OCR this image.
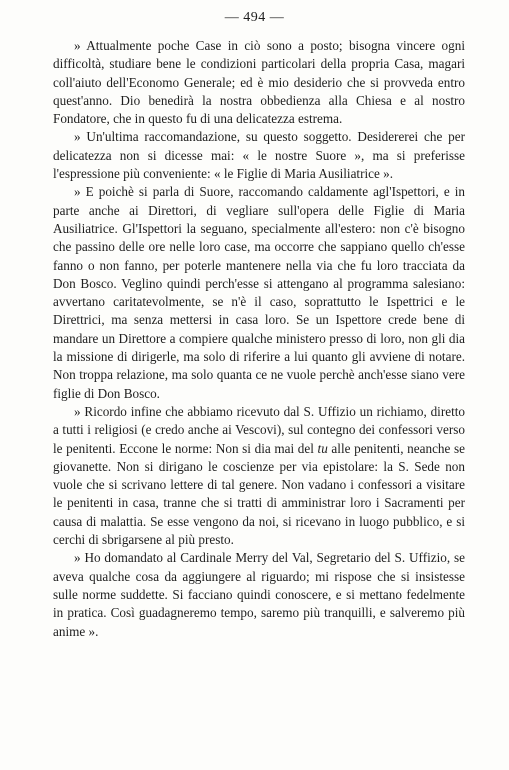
— 494 —

» Attualmente poche Case in ciò sono a posto; bisogna vincere ogni difficoltà, studiare bene le condizioni particolari della propria Casa, magari coll'aiuto dell'Economo Generale; ed è mio desiderio che si provveda entro quest'anno. Dio benedirà la nostra obbedienza alla Chiesa e al nostro Fondatore, che in questo fu di una delicatezza estrema.

» Un'ultima raccomandazione, su questo soggetto. Desidererei che per delicatezza non si dicesse mai: « le nostre Suore », ma si preferisse l'espressione più conveniente: « le Figlie di Maria Ausiliatrice ».

» E poichè si parla di Suore, raccomando caldamente agl'Ispettori, e in parte anche ai Direttori, di vegliare sull'opera delle Figlie di Maria Ausiliatrice. Gl'Ispettori la seguano, specialmente all'estero: non c'è bisogno che passino delle ore nelle loro case, ma occorre che sappiano quello ch'esse fanno o non fanno, per poterle mantenere nella via che fu loro tracciata da Don Bosco. Veglino quindi perch'esse si attengano al programma salesiano: avvertano caritatevolmente, se n'è il caso, soprattutto le Ispettrici e le Direttrici, ma senza mettersi in casa loro. Se un Ispettore crede bene di mandare un Direttore a compiere qualche ministero presso di loro, non gli dia la missione di dirigerle, ma solo di riferire a lui quanto gli avviene di notare. Non troppa relazione, ma solo quanta ce ne vuole perchè anch'esse siano vere figlie di Don Bosco.

» Ricordo infine che abbiamo ricevuto dal S. Uffizio un richiamo, diretto a tutti i religiosi (e credo anche ai Vescovi), sul contegno dei confessori verso le penitenti. Eccone le norme: Non si dia mai del tu alle penitenti, neanche se giovanette. Non si dirigano le coscienze per via epistolare: la S. Sede non vuole che si scrivano lettere di tal genere. Non vadano i confessori a visitare le penitenti in casa, tranne che si tratti di amministrar loro i Sacramenti per causa di malattia. Se esse vengono da noi, si ricevano in luogo pubblico, e si cerchi di sbrigarsene al più presto.

» Ho domandato al Cardinale Merry del Val, Segretario del S. Uffizio, se aveva qualche cosa da aggiungere al riguardo; mi rispose che si insistesse sulle norme suddette. Si facciano quindi conoscere, e si mettano fedelmente in pratica. Così guadagneremo tempo, saremo più tranquilli, e salveremo più anime ».
